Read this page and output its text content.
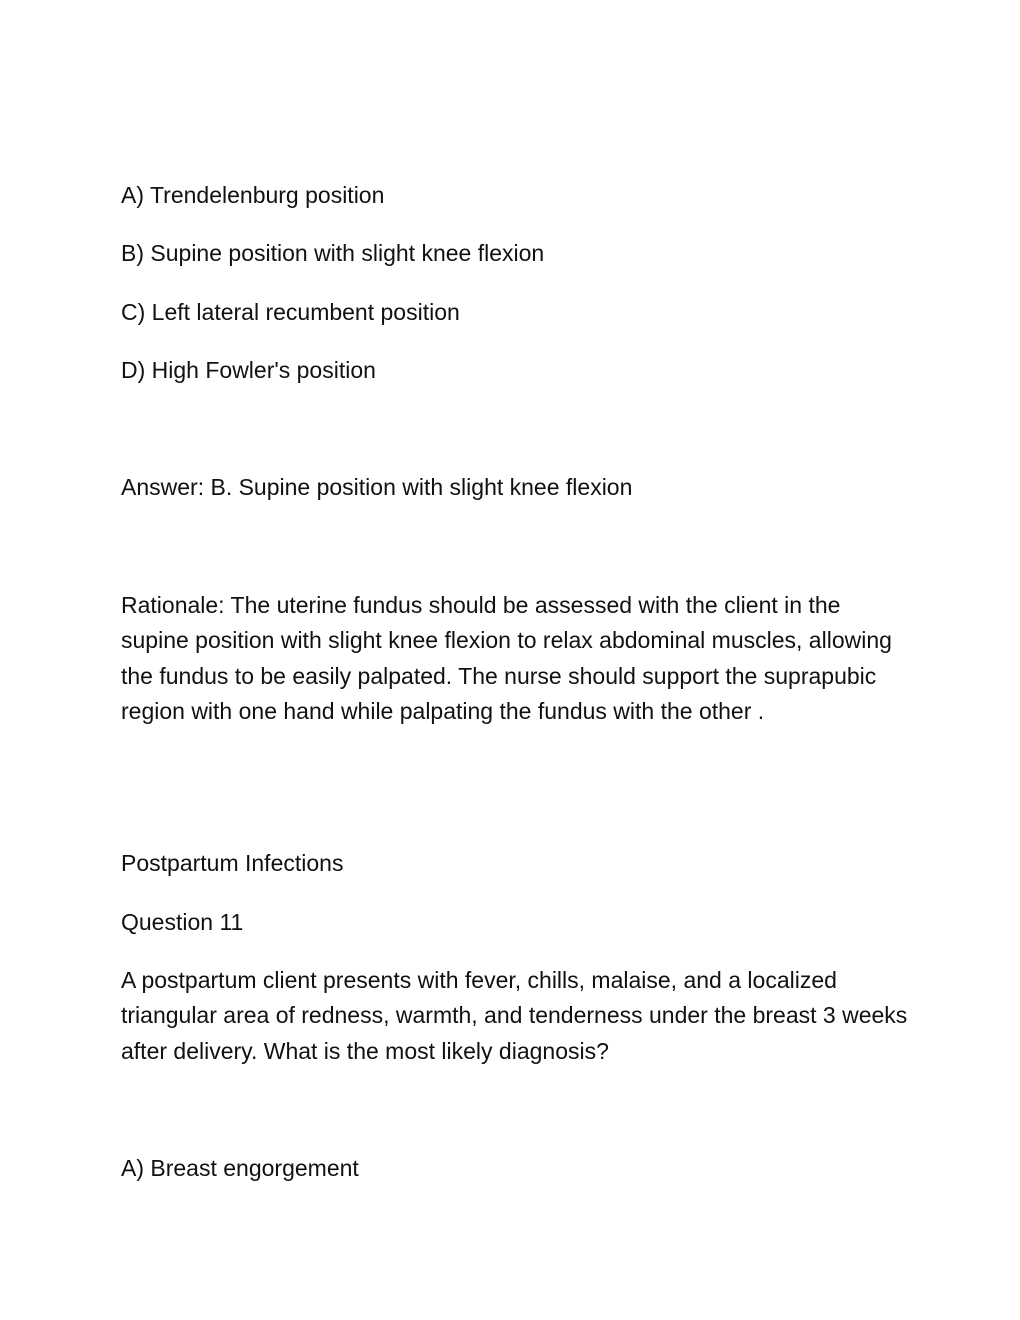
A) Trendelenburg position
B) Supine position with slight knee flexion
C) Left lateral recumbent position
D) High Fowler's position
Answer: B. Supine position with slight knee flexion
Rationale: The uterine fundus should be assessed with the client in the supine position with slight knee flexion to relax abdominal muscles, allowing the fundus to be easily palpated. The nurse should support the suprapubic region with one hand while palpating the fundus with the other .
Postpartum Infections
Question 11
A postpartum client presents with fever, chills, malaise, and a localized triangular area of redness, warmth, and tenderness under the breast 3 weeks after delivery. What is the most likely diagnosis?
A) Breast engorgement
